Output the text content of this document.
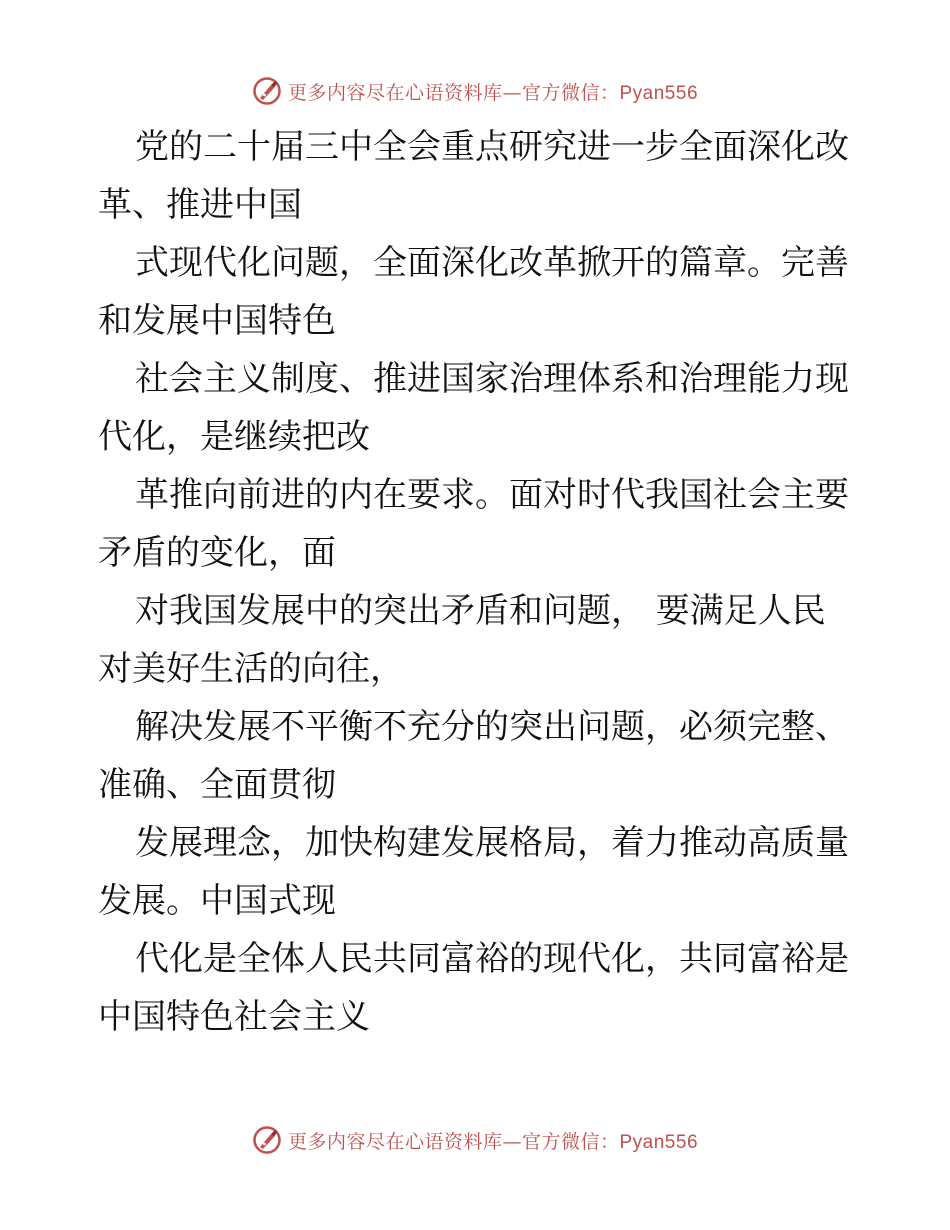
更多内容尽在心语资料库—官方微信：Pyan556

党的二十届三中全会重点研究进一步全面深化改
革、推进中国

式现代化问题，全面深化改革掀开的篇章。完善
和发展中国特色

社会主义制度、推进国家治理体系和治理能力现
代化，是继续把改

革推向前进的内在要求。面对时代我国社会主要
矛盾的变化，面

对我国发展中的突出矛盾和问题， 要满足人民
对美好生活的向往，

解决发展不平衡不充分的突出问题，必须完整、
准确、全面贯彻

发展理念，加快构建发展格局，着力推动高质量
发展。中国式现

代化是全体人民共同富裕的现代化，共同富裕是
中国特色社会主义

更多内容尽在心语资料库—官方微信：Pyan556
